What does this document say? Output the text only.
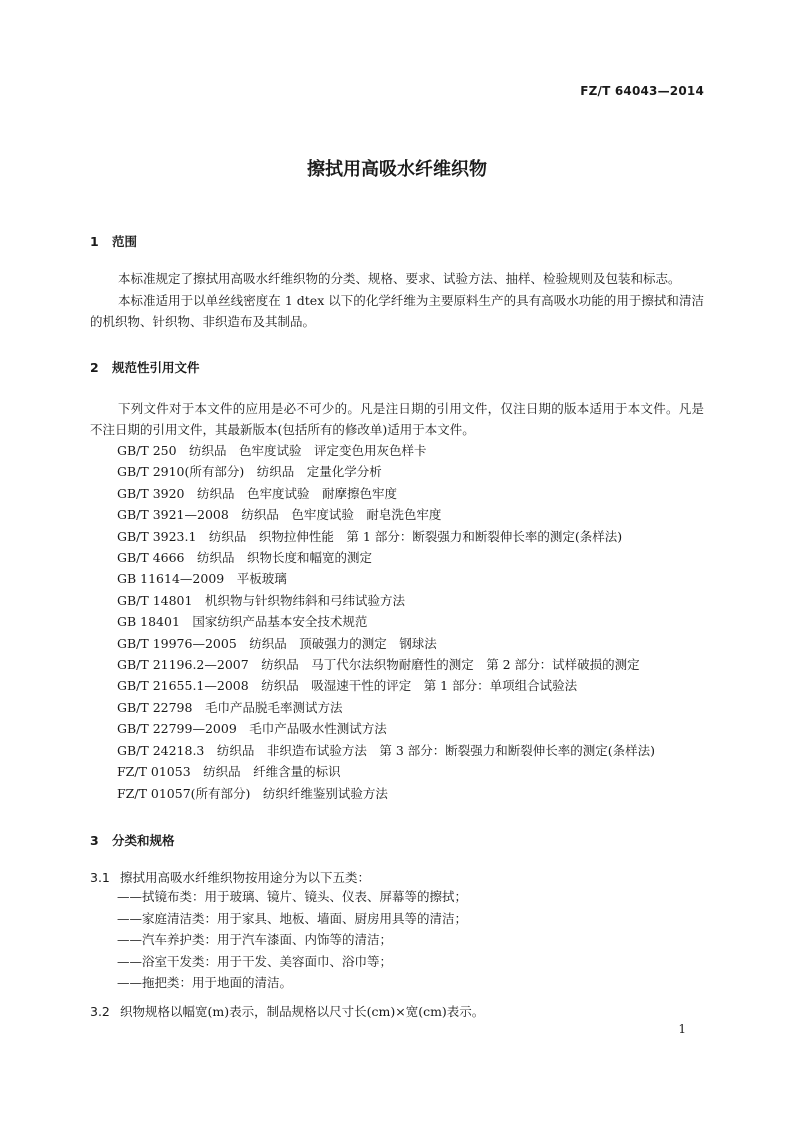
FZ/T 64043—2014
擦拭用高吸水纤维织物
1 范围
本标准规定了擦拭用高吸水纤维织物的分类、规格、要求、试验方法、抽样、检验规则及包装和标志。
本标准适用于以单丝线密度在 1 dtex 以下的化学纤维为主要原料生产的具有高吸水功能的用于擦拭和清洁的机织物、针织物、非织造布及其制品。
2 规范性引用文件
下列文件对于本文件的应用是必不可少的。凡是注日期的引用文件，仅注日期的版本适用于本文件。凡是不注日期的引用文件，其最新版本(包括所有的修改单)适用于本文件。
GB/T 250　纺织品　色牢度试验　评定变色用灰色样卡
GB/T 2910(所有部分)　纺织品　定量化学分析
GB/T 3920　纺织品　色牢度试验　耐摩擦色牢度
GB/T 3921—2008　纺织品　色牢度试验　耐皂洗色牢度
GB/T 3923.1　纺织品　织物拉伸性能　第 1 部分：断裂强力和断裂伸长率的测定(条样法)
GB/T 4666　纺织品　织物长度和幅宽的测定
GB 11614—2009　平板玻璃
GB/T 14801　机织物与针织物纬斜和弓纬试验方法
GB 18401　国家纺织产品基本安全技术规范
GB/T 19976—2005　纺织品　顶破强力的测定　钢球法
GB/T 21196.2—2007　纺织品　马丁代尔法织物耐磨性的测定　第 2 部分：试样破损的测定
GB/T 21655.1—2008　纺织品　吸湿速干性的评定　第 1 部分：单项组合试验法
GB/T 22798　毛巾产品脱毛率测试方法
GB/T 22799—2009　毛巾产品吸水性测试方法
GB/T 24218.3　纺织品　非织造布试验方法　第 3 部分：断裂强力和断裂伸长率的测定(条样法)
FZ/T 01053　纺织品　纤维含量的标识
FZ/T 01057(所有部分)　纺织纤维鉴别试验方法
3 分类和规格
3.1 擦拭用高吸水纤维织物按用途分为以下五类：
——拭镜布类：用于玻璃、镜片、镜头、仪表、屏幕等的擦拭；
——家庭清洁类：用于家具、地板、墙面、厨房用具等的清洁；
——汽车养护类：用于汽车漆面、内饰等的清洁；
——浴室干发类：用于干发、美容面巾、浴巾等；
——拖把类：用于地面的清洁。
3.2 织物规格以幅宽(m)表示，制品规格以尺寸长(cm)×宽(cm)表示。
1
